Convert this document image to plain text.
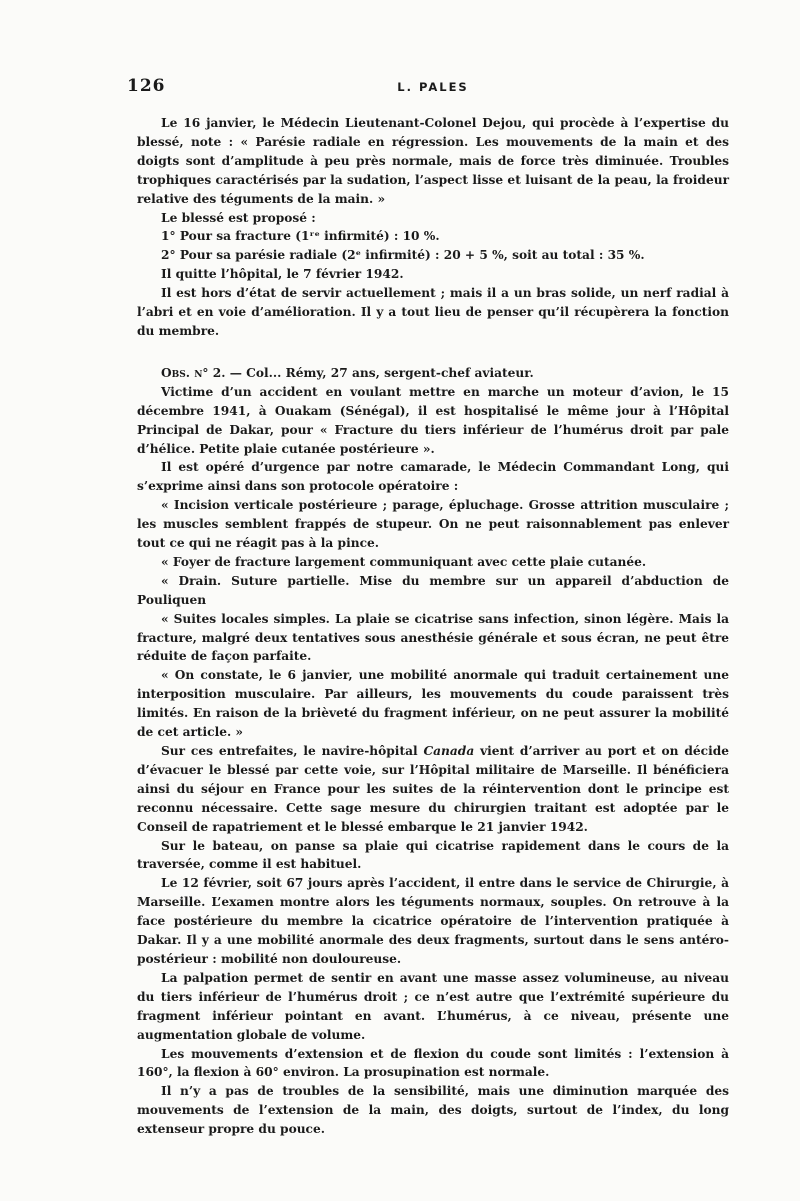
126	L. PALES

Le 16 janvier, le Médecin Lieutenant-Colonel Dejou, qui procède à l’expertise du blessé, note : « Parésie radiale en régression. Les mouvements de la main et des doigts sont d’amplitude à peu près normale, mais de force très diminuée. Troubles trophiques caractérisés par la sudation, l’aspect lisse et luisant de la peau, la froideur relative des téguments de la main. »

Le blessé est proposé :

1° Pour sa fracture (1ʳᵉ infirmité) : 10 %.

2° Pour sa parésie radiale (2ᵉ infirmité) : 20 + 5 %, soit au total : 35 %.

Il quitte l’hôpital, le 7 février 1942.

Il est hors d’état de servir actuellement ; mais il a un bras solide, un nerf radial à l’abri et en voie d’amélioration. Il y a tout lieu de penser qu’il récupèrera la fonction du membre.

Obs. n° 2. — Col... Rémy, 27 ans, sergent-chef aviateur.

Victime d’un accident en voulant mettre en marche un moteur d’avion, le 15 décembre 1941, à Ouakam (Sénégal), il est hospitalisé le même jour à l’Hôpital Principal de Dakar, pour « Fracture du tiers inférieur de l’humérus droit par pale d’hélice. Petite plaie cutanée postérieure ».

Il est opéré d’urgence par notre camarade, le Médecin Commandant Long, qui s’exprime ainsi dans son protocole opératoire :

« Incision verticale postérieure ; parage, épluchage. Grosse attrition musculaire ; les muscles semblent frappés de stupeur. On ne peut raisonnablement pas enlever tout ce qui ne réagit pas à la pince.

« Foyer de fracture largement communiquant avec cette plaie cutanée.

« Drain. Suture partielle. Mise du membre sur un appareil d’abduction de Pouliquen

« Suites locales simples. La plaie se cicatrise sans infection, sinon légère. Mais la fracture, malgré deux tentatives sous anesthésie générale et sous écran, ne peut être réduite de façon parfaite.

« On constate, le 6 janvier, une mobilité anormale qui traduit certainement une interposition musculaire. Par ailleurs, les mouvements du coude paraissent très limités. En raison de la brièveté du fragment inférieur, on ne peut assurer la mobilité de cet article. »

Sur ces entrefaites, le navire-hôpital Canada vient d’arriver au port et on décide d’évacuer le blessé par cette voie, sur l’Hôpital militaire de Marseille. Il bénéficiera ainsi du séjour en France pour les suites de la réintervention dont le principe est reconnu nécessaire. Cette sage mesure du chirurgien traitant est adoptée par le Conseil de rapatriement et le blessé embarque le 21 janvier 1942.

Sur le bateau, on panse sa plaie qui cicatrise rapidement dans le cours de la traversée, comme il est habituel.

Le 12 février, soit 67 jours après l’accident, il entre dans le service de Chirurgie, à Marseille. L’examen montre alors les téguments normaux, souples. On retrouve à la face postérieure du membre la cicatrice opératoire de l’intervention pratiquée à Dakar. Il y a une mobilité anormale des deux fragments, surtout dans le sens antéro-postérieur : mobilité non douloureuse.

La palpation permet de sentir en avant une masse assez volumineuse, au niveau du tiers inférieur de l’humérus droit ; ce n’est autre que l’extrémité supérieure du fragment inférieur pointant en avant. L’humérus, à ce niveau, présente une augmentation globale de volume.

Les mouvements d’extension et de flexion du coude sont limités : l’extension à 160°, la flexion à 60° environ. La prosupination est normale.

Il n’y a pas de troubles de la sensibilité, mais une diminution marquée des mouvements de l’extension de la main, des doigts, surtout de l’index, du long extenseur propre du pouce.
